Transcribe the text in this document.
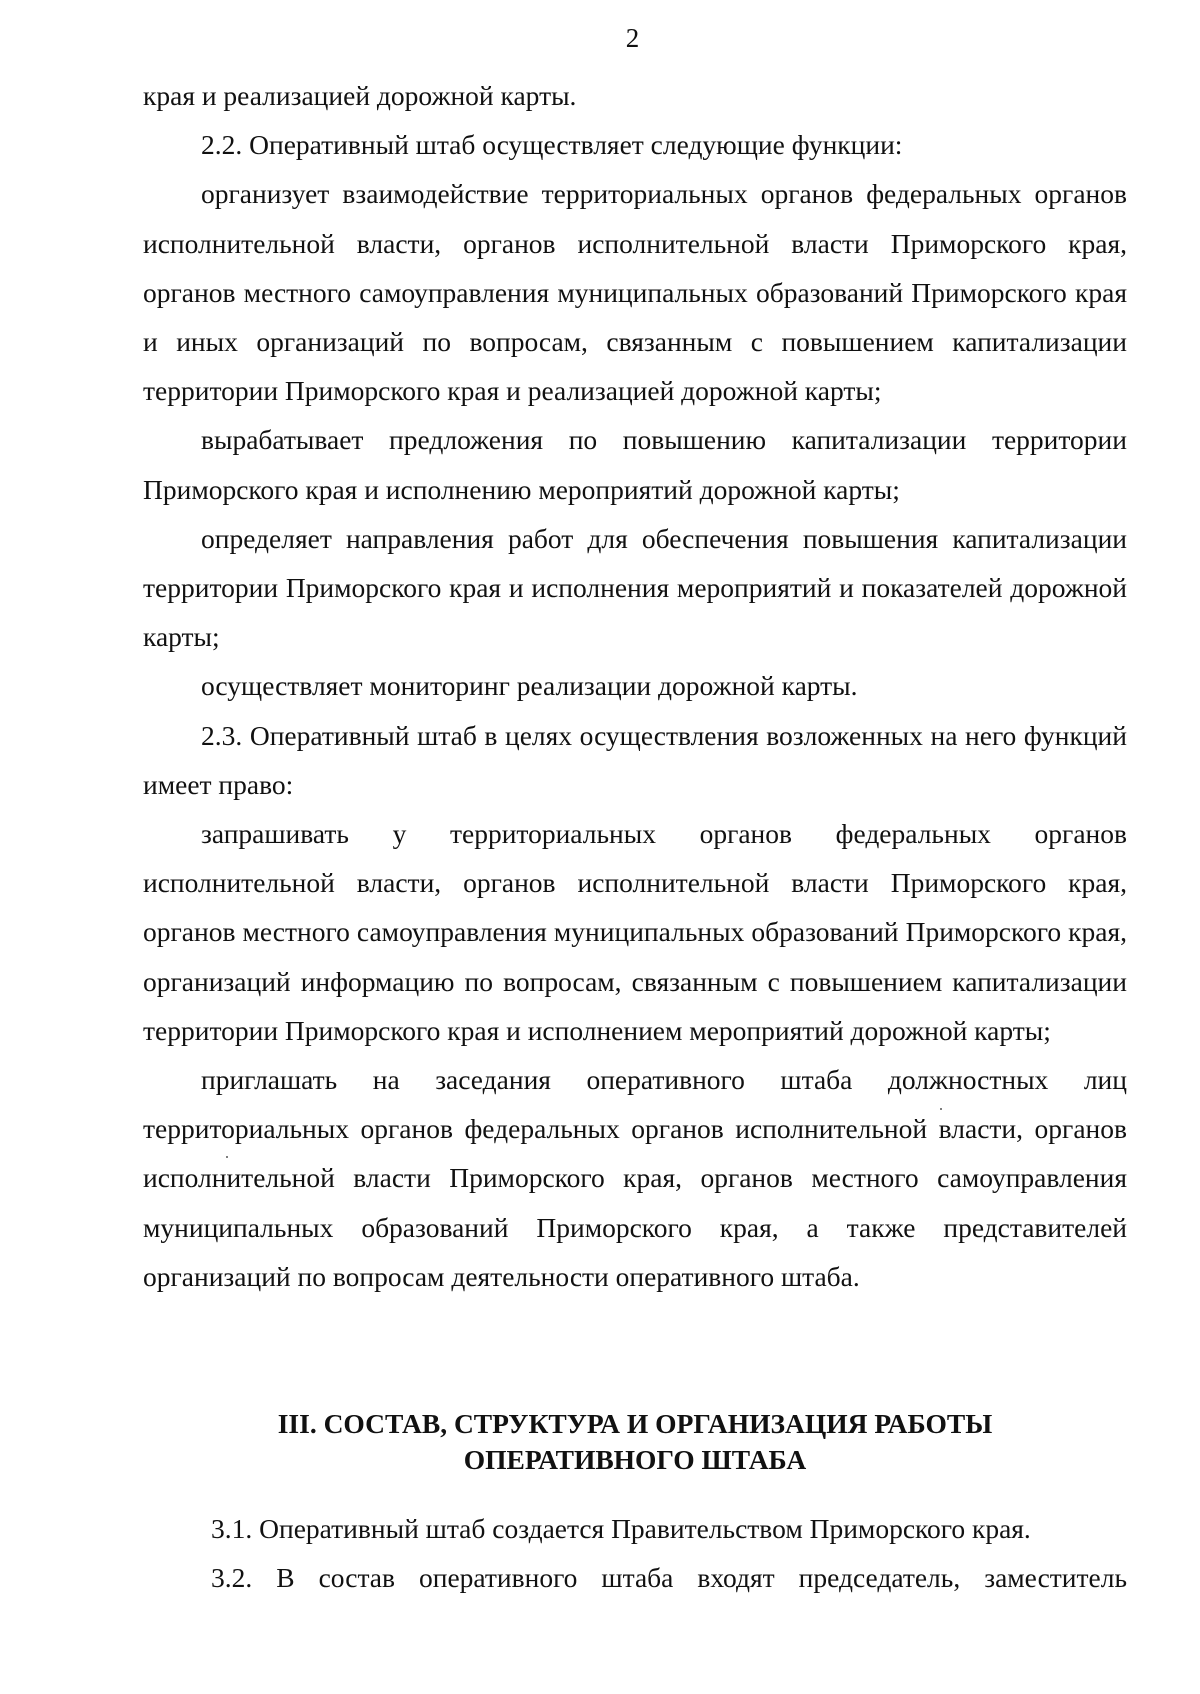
2

края и реализацией дорожной карты.

2.2. Оперативный штаб осуществляет следующие функции:

организует взаимодействие территориальных органов федеральных органов исполнительной власти, органов исполнительной власти Приморского края, органов местного самоуправления муниципальных образований Приморского края и иных организаций по вопросам, связанным с повышением капитализации территории Приморского края и реализацией дорожной карты;

вырабатывает предложения по повышению капитализации территории Приморского края и исполнению мероприятий дорожной карты;

определяет направления работ для обеспечения повышения капитализации территории Приморского края и исполнения мероприятий и показателей дорожной карты;

осуществляет мониторинг реализации дорожной карты.

2.3. Оперативный штаб в целях осуществления возложенных на него функций имеет право:

запрашивать у территориальных органов федеральных органов исполнительной власти, органов исполнительной власти Приморского края, органов местного самоуправления муниципальных образований Приморского края, организаций информацию по вопросам, связанным с повышением капитализации территории Приморского края и исполнением мероприятий дорожной карты;

приглашать на заседания оперативного штаба должностных лиц территориальных органов федеральных органов исполнительной власти, органов исполнительной власти Приморского края, органов местного самоуправления муниципальных образований Приморского края, а также представителей организаций по вопросам деятельности оперативного штаба.

III. СОСТАВ, СТРУКТУРА И ОРГАНИЗАЦИЯ РАБОТЫ
ОПЕРАТИВНОГО ШТАБА

3.1. Оперативный штаб создается Правительством Приморского края.

3.2. В состав оперативного штаба входят председатель, заместитель
